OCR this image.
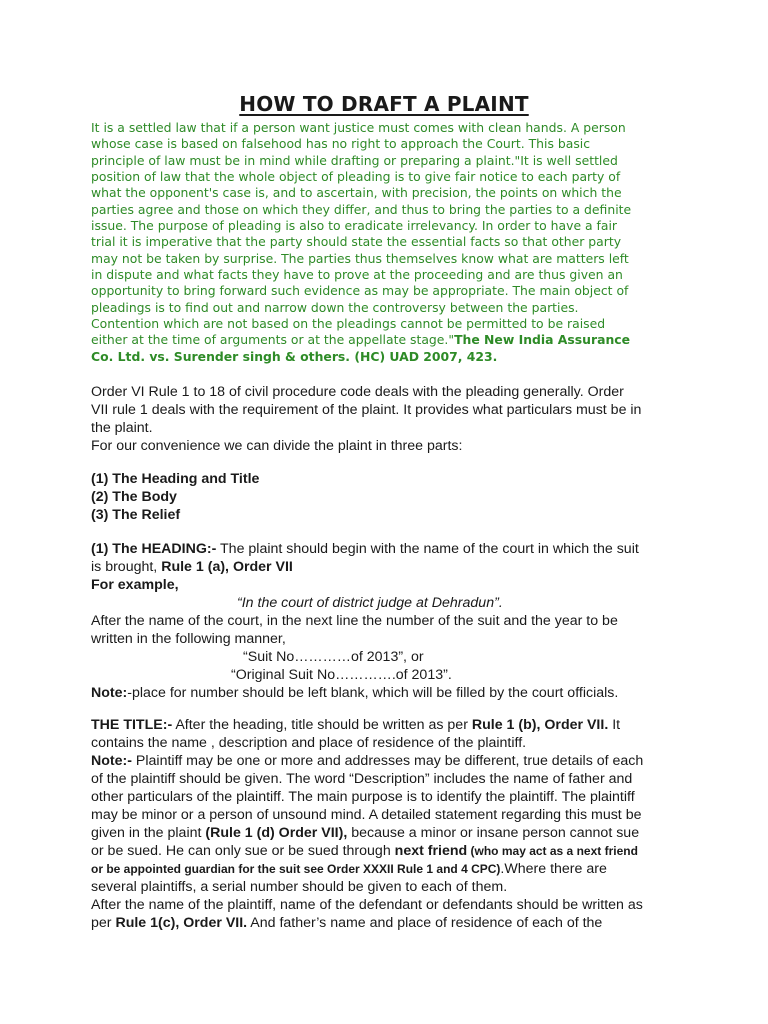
HOW TO DRAFT A PLAINT
It is a settled law that if a person want justice must comes with clean hands. A person
whose case is based on falsehood has no right to approach the Court. This basic
principle of law must be in mind while drafting or preparing a plaint."It is well settled
position of law that the whole object of pleading is to give fair notice to each party of
what the opponent's case is, and to ascertain, with precision, the points on which the
parties agree and those on which they differ, and thus to bring the parties to a definite
issue. The purpose of pleading is also to eradicate irrelevancy. In order to have a fair
trial it is imperative that the party should state the essential facts so that other party
may not be taken by surprise. The parties thus themselves know what are matters left
in dispute and what facts they have to prove at the proceeding and are thus given an
opportunity to bring forward such evidence as may be appropriate. The main object of
pleadings is to find out and narrow down the controversy between the parties.
Contention which are not based on the pleadings cannot be permitted to be raised
either at the time of arguments or at the appellate stage."The New India Assurance
Co. Ltd. vs. Surender singh & others. (HC) UAD 2007, 423.
Order VI Rule 1 to 18 of civil procedure code deals with the pleading generally. Order
VII rule 1 deals with the requirement of the plaint. It provides what particulars must be in
the plaint.
For our convenience we can divide the plaint in three parts:
(1) The Heading and Title
(2) The Body
(3) The Relief
(1) The HEADING:- The plaint should begin with the name of the court in which the suit
is brought, Rule 1 (a), Order VII
For example,
“In the court of district judge at Dehradun”.
After the name of the court, in the next line the number of the suit and the year to be
written in the following manner,
“Suit No…………of 2013”, or
“Original Suit No………….of 2013”.
Note:-place for number should be left blank, which will be filled by the court officials.
THE TITLE:- After the heading, title should be written as per Rule 1 (b), Order VII. It
contains the name , description and place of residence of the plaintiff.
Note:- Plaintiff may be one or more and addresses may be different, true details of each
of the plaintiff should be given. The word “Description” includes the name of father and
other particulars of the plaintiff. The main purpose is to identify the plaintiff. The plaintiff
may be minor or a person of unsound mind. A detailed statement regarding this must be
given in the plaint (Rule 1 (d) Order VII), because a minor or insane person cannot sue
or be sued. He can only sue or be sued through next friend (who may act as a next friend
or be appointed guardian for the suit see Order XXXII Rule 1 and 4 CPC).Where there are
several plaintiffs, a serial number should be given to each of them.
After the name of the plaintiff, name of the defendant or defendants should be written as
per Rule 1(c), Order VII. And father’s name and place of residence of each of the
